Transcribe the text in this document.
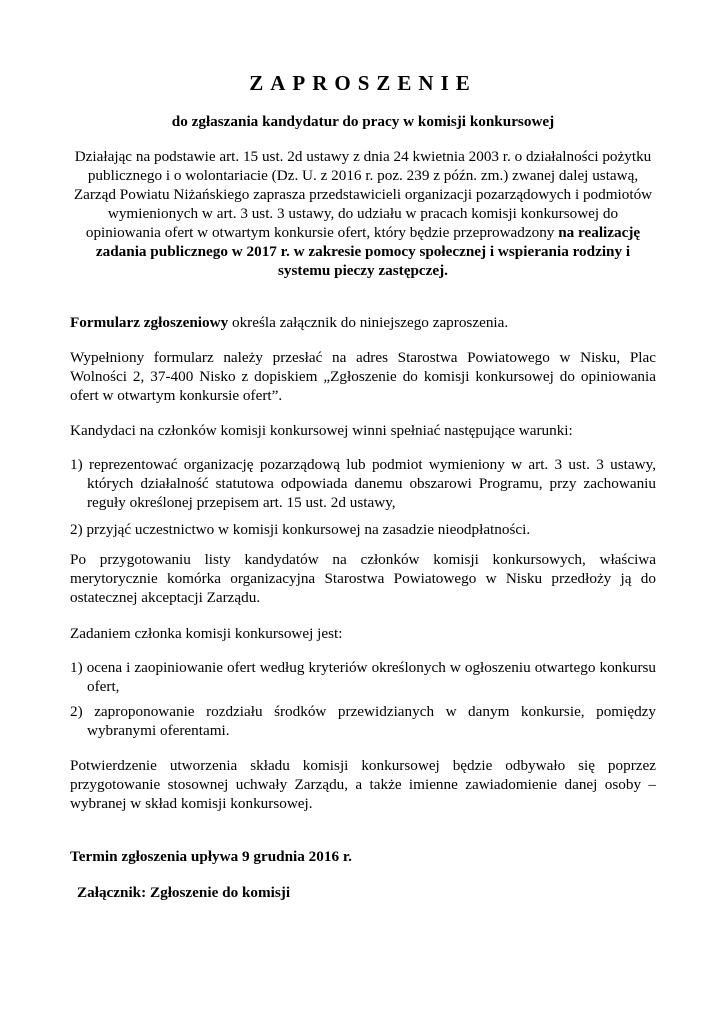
ZAPROSZENIE
do zgłaszania kandydatur do pracy w komisji konkursowej
Działając na podstawie art. 15 ust. 2d ustawy z dnia 24 kwietnia 2003 r. o działalności pożytku publicznego i o wolontariacie (Dz. U. z 2016 r. poz. 239 z późn. zm.) zwanej dalej ustawą, Zarząd Powiatu Niżańskiego zaprasza przedstawicieli organizacji pozarządowych i podmiotów wymienionych w art. 3 ust. 3 ustawy, do udziału w pracach komisji konkursowej do opiniowania ofert w otwartym konkursie ofert, który będzie przeprowadzony na realizację zadania publicznego w 2017 r. w zakresie pomocy społecznej i wspierania rodziny i systemu pieczy zastępczej.
Formularz zgłoszeniowy określa załącznik do niniejszego zaproszenia.
Wypełniony formularz należy przesłać na adres Starostwa Powiatowego w Nisku, Plac Wolności 2, 37-400 Nisko z dopiskiem „Zgłoszenie do komisji konkursowej do opiniowania ofert w otwartym konkursie ofert”.
Kandydaci na członków komisji konkursowej winni spełniać następujące warunki:
1) reprezentować organizację pozarządową lub podmiot wymieniony w art. 3 ust. 3 ustawy, których działalność statutowa odpowiada danemu obszarowi Programu, przy zachowaniu reguły określonej przepisem art. 15 ust. 2d ustawy,
2) przyjąć uczestnictwo w komisji konkursowej na zasadzie nieodpłatności.
Po przygotowaniu listy kandydatów na członków komisji konkursowych, właściwa merytorycznie komórka organizacyjna Starostwa Powiatowego w Nisku przedłoży ją do ostatecznej akceptacji Zarządu.
Zadaniem członka komisji konkursowej jest:
1) ocena i zaopiniowanie ofert według kryteriów określonych w ogłoszeniu otwartego konkursu ofert,
2) zaproponowanie rozdziału środków przewidzianych w danym konkursie, pomiędzy wybranymi oferentami.
Potwierdzenie utworzenia składu komisji konkursowej będzie odbywało się poprzez przygotowanie stosownej uchwały Zarządu, a także imienne zawiadomienie danej osoby – wybranej w skład komisji konkursowej.
Termin zgłoszenia upływa 9 grudnia 2016 r.
Załącznik: Zgłoszenie do komisji
